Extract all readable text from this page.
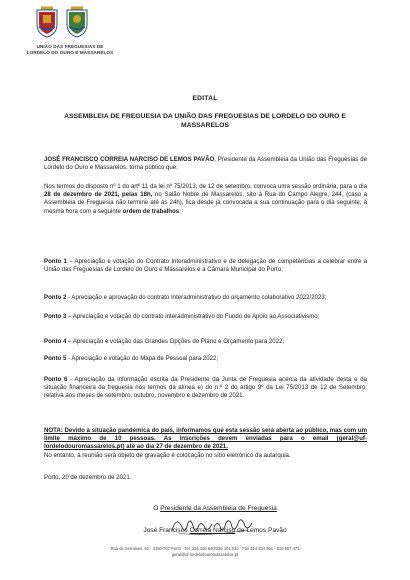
UNIÃO DAS FREGUESIAS DE
LORDELO DO OURO E MASSARELOS
EDITAL
ASSEMBLEIA DE FREGUESIA DA UNIÃO DAS FREGUESIAS DE LORDELO DO OURO E MASSARELOS
JOSÉ FRANCISCO CORREIA NARCISO DE LEMOS PAVÃO, Presidente da Assembleia da União das Freguesias de Lordelo do Ouro e Massarelos, torna público que:
Nos termos do disposto nº 1 do artº 11 da lei nº 75/2013, de 12 de setembro, convoca uma sessão ordinária, para o dia 28 de dezembro de 2021, pelas 18h, no Salão Nobre de Massarelos, sito à Rua do Campo Alegre, 244, (caso a Assembleia de Freguesia não termine até às 24h), fica desde já convocada a sua continuação para o dia seguinte, à mesma hora com a seguinte ordem de trabalhos:
Ponto 1 – Apreciação e votação do Contrato Interadministrativo e de delegação de competências a celebrar entre a União das Freguesias de Lordelo do Ouro e Massarelos e a Câmara Municipal do Porto;
Ponto 2 - Apreciação e aprovação do contrato Interadministrativo do orçamento colaborativo 2022/2023;
Ponto 3 – Apreciação e votação do contrato interadministrativo do Fundo de Apoio ao Associativismo;
Ponto 4 – Apreciação e votação das Grandes Opções do Plano e Orçamento para 2022;
Ponto 5 - Apreciação e votação do Mapa de Pessoal para 2022;
Ponto 6 - Apreciação da informação escrita da Presidente da Junta de Freguesia acerca da atividade desta e da situação financeira da freguesia nos termos da alínea e) do n.º 2 do artigo 9º da Lei 75/2013 de 12 de Setembro, relativa aos meses de setembro, outubro, novembro e dezembro de 2021.
NOTA: Devido à situação pandémica do país, informamos que esta sessão será aberta ao público, mas com um limite máximo de 10 pessoas. As inscrições devem enviadas para o email (geral@uf-lordelodouromassarelos.pt) até ao dia 27 de dezembro de 2021.
No entanto, a reunião será objeto de gravação e colocação no sítio eletrónico da autarquia.
Porto, 20 de dezembro de 2021.
O Presidente da Assembleia de Freguesia
José Francisco Correia Narciso de Lemos Pavão
Rua de Serralves, 61 · 4150-707 Porto · Tel. 226 160 940/226 101 010 · Fax 914 334 361 · 910 557 471
geral@uf-lordelodouromassarelos.pt
